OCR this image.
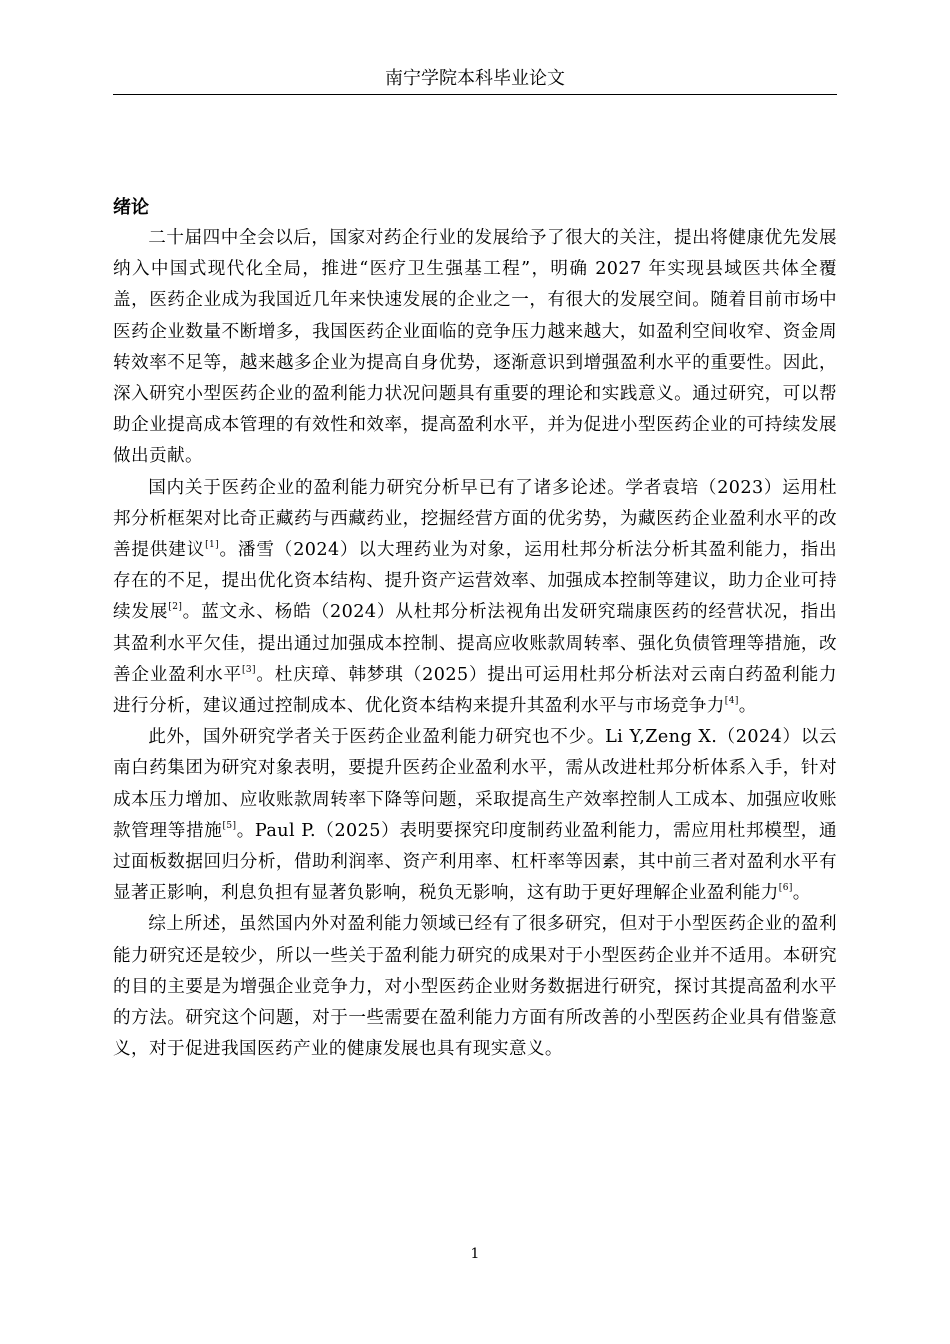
南宁学院本科毕业论文
绪论

二十届四中全会以后，国家对药企行业的发展给予了很大的关注，提出将健康优先发展纳入中国式现代化全局，推进“医疗卫生强基工程”，明确 2027 年实现县域医共体全覆盖，医药企业成为我国近几年来快速发展的企业之一，有很大的发展空间。随着目前市场中医药企业数量不断增多，我国医药企业面临的竞争压力越来越大，如盈利空间收窄、资金周转效率不足等，越来越多企业为提高自身优势，逐渐意识到增强盈利水平的重要性。因此，深入研究小型医药企业的盈利能力状况问题具有重要的理论和实践意义。通过研究，可以帮助企业提高成本管理的有效性和效率，提高盈利水平，并为促进小型医药企业的可持续发展做出贡献。

国内关于医药企业的盈利能力研究分析早已有了诸多论述。学者袁培（2023）运用杜邦分析框架对比奇正藏药与西藏药业，挖掘经营方面的优劣势，为藏医药企业盈利水平的改善提供建议[1]。潘雪（2024）以大理药业为对象，运用杜邦分析法分析其盈利能力，指出存在的不足，提出优化资本结构、提升资产运营效率、加强成本控制等建议，助力企业可持续发展[2]。蓝文永、杨皓（2024）从杜邦分析法视角出发研究瑞康医药的经营状况，指出其盈利水平欠佳，提出通过加强成本控制、提高应收账款周转率、强化负债管理等措施，改善企业盈利水平[3]。杜庆璋、韩梦琪（2025）提出可运用杜邦分析法对云南白药盈利能力进行分析，建议通过控制成本、优化资本结构来提升其盈利水平与市场竞争力[4]。

此外，国外研究学者关于医药企业盈利能力研究也不少。Li Y,Zeng X.（2024）以云南白药集团为研究对象表明，要提升医药企业盈利水平，需从改进杜邦分析体系入手，针对成本压力增加、应收账款周转率下降等问题，采取提高生产效率控制人工成本、加强应收账款管理等措施[5]。Paul P.（2025）表明要探究印度制药业盈利能力，需应用杜邦模型，通过面板数据回归分析，借助利润率、资产利用率、杠杆率等因素，其中前三者对盈利水平有显著正影响，利息负担有显著负影响，税负无影响，这有助于更好理解企业盈利能力[6]。

综上所述，虽然国内外对盈利能力领域已经有了很多研究，但对于小型医药企业的盈利能力研究还是较少，所以一些关于盈利能力研究的成果对于小型医药企业并不适用。本研究的目的主要是为增强企业竞争力，对小型医药企业财务数据进行研究，探讨其提高盈利水平的方法。研究这个问题，对于一些需要在盈利能力方面有所改善的小型医药企业具有借鉴意义，对于促进我国医药产业的健康发展也具有现实意义。

1
